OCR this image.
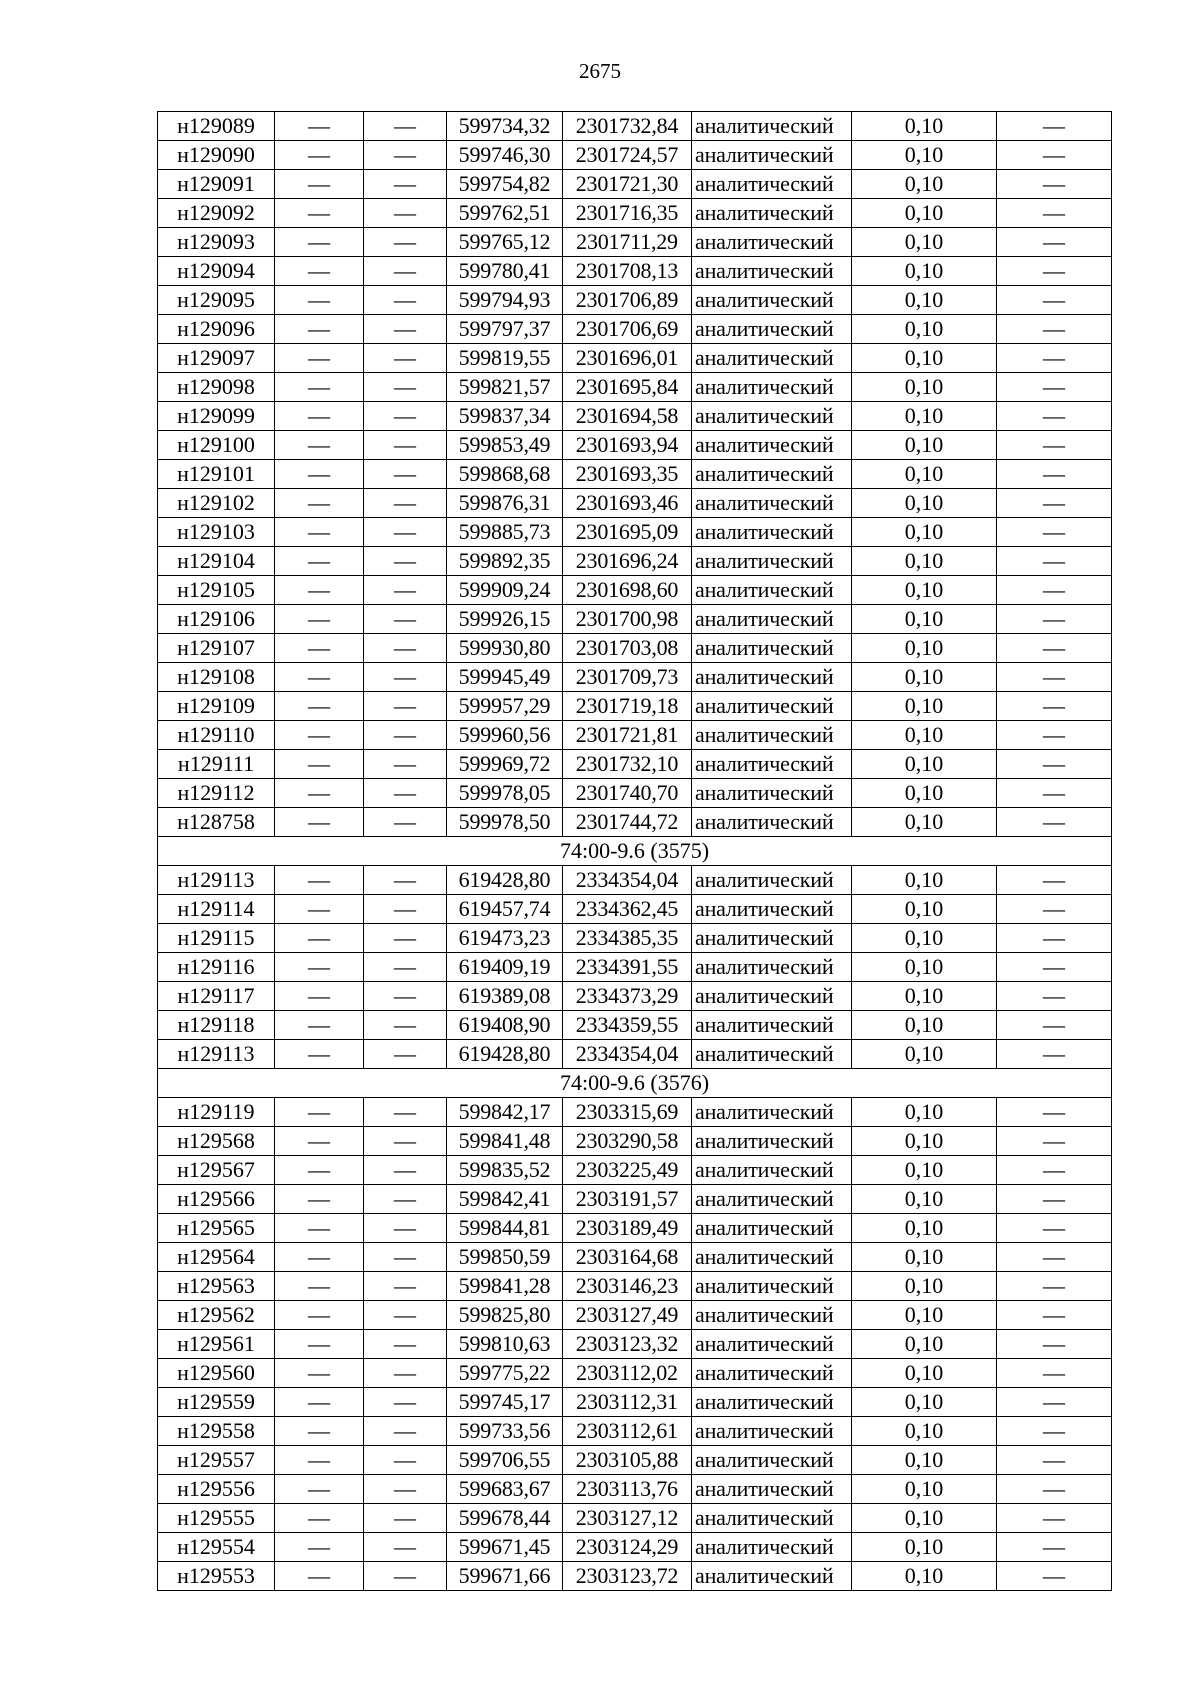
2675
н129089	—	—	599734,32	2301732,84	аналитический	0,10	—
н129090	—	—	599746,30	2301724,57	аналитический	0,10	—
н129091	—	—	599754,82	2301721,30	аналитический	0,10	—
н129092	—	—	599762,51	2301716,35	аналитический	0,10	—
н129093	—	—	599765,12	2301711,29	аналитический	0,10	—
н129094	—	—	599780,41	2301708,13	аналитический	0,10	—
н129095	—	—	599794,93	2301706,89	аналитический	0,10	—
н129096	—	—	599797,37	2301706,69	аналитический	0,10	—
н129097	—	—	599819,55	2301696,01	аналитический	0,10	—
н129098	—	—	599821,57	2301695,84	аналитический	0,10	—
н129099	—	—	599837,34	2301694,58	аналитический	0,10	—
н129100	—	—	599853,49	2301693,94	аналитический	0,10	—
н129101	—	—	599868,68	2301693,35	аналитический	0,10	—
н129102	—	—	599876,31	2301693,46	аналитический	0,10	—
н129103	—	—	599885,73	2301695,09	аналитический	0,10	—
н129104	—	—	599892,35	2301696,24	аналитический	0,10	—
н129105	—	—	599909,24	2301698,60	аналитический	0,10	—
н129106	—	—	599926,15	2301700,98	аналитический	0,10	—
н129107	—	—	599930,80	2301703,08	аналитический	0,10	—
н129108	—	—	599945,49	2301709,73	аналитический	0,10	—
н129109	—	—	599957,29	2301719,18	аналитический	0,10	—
н129110	—	—	599960,56	2301721,81	аналитический	0,10	—
н129111	—	—	599969,72	2301732,10	аналитический	0,10	—
н129112	—	—	599978,05	2301740,70	аналитический	0,10	—
н128758	—	—	599978,50	2301744,72	аналитический	0,10	—
74:00-9.6 (3575)							
н129113	—	—	619428,80	2334354,04	аналитический	0,10	—
н129114	—	—	619457,74	2334362,45	аналитический	0,10	—
н129115	—	—	619473,23	2334385,35	аналитический	0,10	—
н129116	—	—	619409,19	2334391,55	аналитический	0,10	—
н129117	—	—	619389,08	2334373,29	аналитический	0,10	—
н129118	—	—	619408,90	2334359,55	аналитический	0,10	—
н129113	—	—	619428,80	2334354,04	аналитический	0,10	—
74:00-9.6 (3576)							
н129119	—	—	599842,17	2303315,69	аналитический	0,10	—
н129568	—	—	599841,48	2303290,58	аналитический	0,10	—
н129567	—	—	599835,52	2303225,49	аналитический	0,10	—
н129566	—	—	599842,41	2303191,57	аналитический	0,10	—
н129565	—	—	599844,81	2303189,49	аналитический	0,10	—
н129564	—	—	599850,59	2303164,68	аналитический	0,10	—
н129563	—	—	599841,28	2303146,23	аналитический	0,10	—
н129562	—	—	599825,80	2303127,49	аналитический	0,10	—
н129561	—	—	599810,63	2303123,32	аналитический	0,10	—
н129560	—	—	599775,22	2303112,02	аналитический	0,10	—
н129559	—	—	599745,17	2303112,31	аналитический	0,10	—
н129558	—	—	599733,56	2303112,61	аналитический	0,10	—
н129557	—	—	599706,55	2303105,88	аналитический	0,10	—
н129556	—	—	599683,67	2303113,76	аналитический	0,10	—
н129555	—	—	599678,44	2303127,12	аналитический	0,10	—
н129554	—	—	599671,45	2303124,29	аналитический	0,10	—
н129553	—	—	599671,66	2303123,72	аналитический	0,10	—
